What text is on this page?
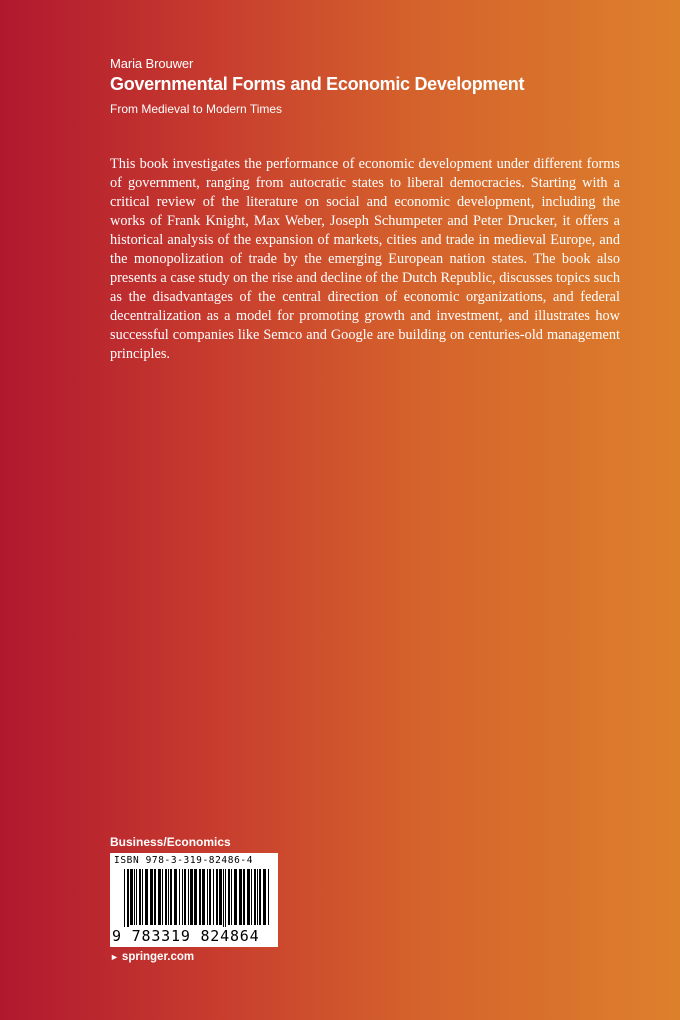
Maria Brouwer
Governmental Forms and Economic Development
From Medieval to Modern Times

This book investigates the performance of economic development under different forms of government, ranging from autocratic states to liberal democracies. Starting with a critical review of the literature on social and economic development, including the works of Frank Knight, Max Weber, Joseph Schumpeter and Peter Drucker, it offers a historical analysis of the expansion of markets, cities and trade in medieval Europe, and the monopolization of trade by the emerging European nation states. The book also presents a case study on the rise and decline of the Dutch Republic, discusses topics such as the disadvantages of the central direction of economic organizations, and federal decentralization as a model for promoting growth and investment, and illustrates how successful companies like Semco and Google are building on centuries-old management principles.

Business/Economics
ISBN 978-3-319-82486-4
9 783319 824864
► springer.com
